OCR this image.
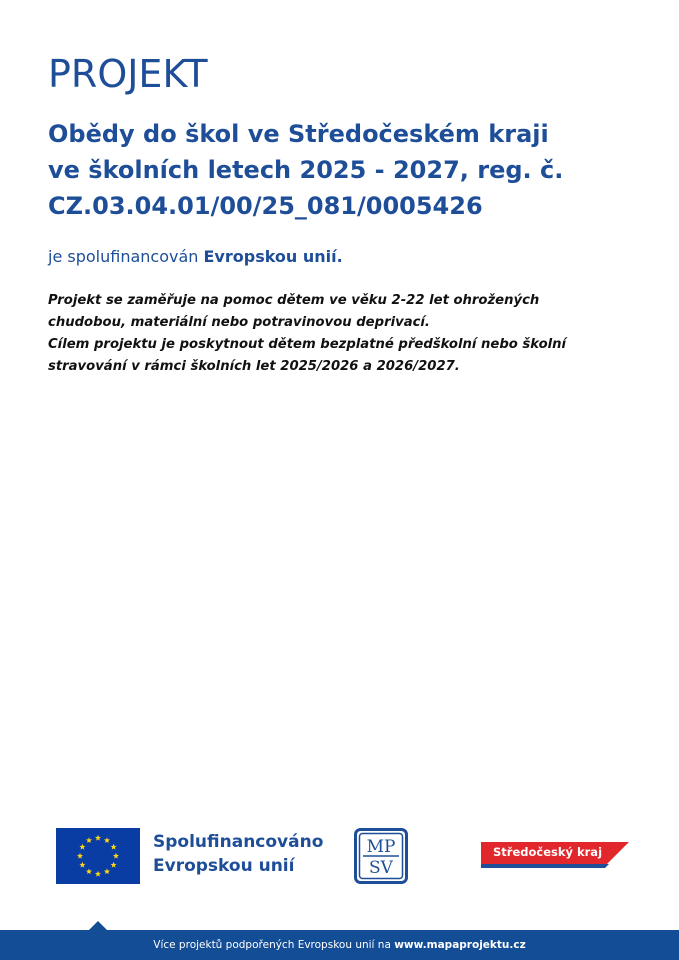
PROJEKT
Obědy do škol ve Středočeském kraji
ve školních letech 2025 - 2027, reg. č.
CZ.03.04.01/00/25_081/0005426
je spolufinancován Evropskou unií.
Projekt se zaměřuje na pomoc dětem ve věku 2-22 let ohrožených
chudobou, materiální nebo potravinovou deprivací.
Cílem projektu je poskytnout dětem bezplatné předškolní nebo školní
stravování v rámci školních let 2025/2026 a 2026/2027.
Spolufinancováno
Evropskou unií
MP
SV
Středočeský kraj
Více projektů podpořených Evropskou unií na www.mapaprojektu.cz
